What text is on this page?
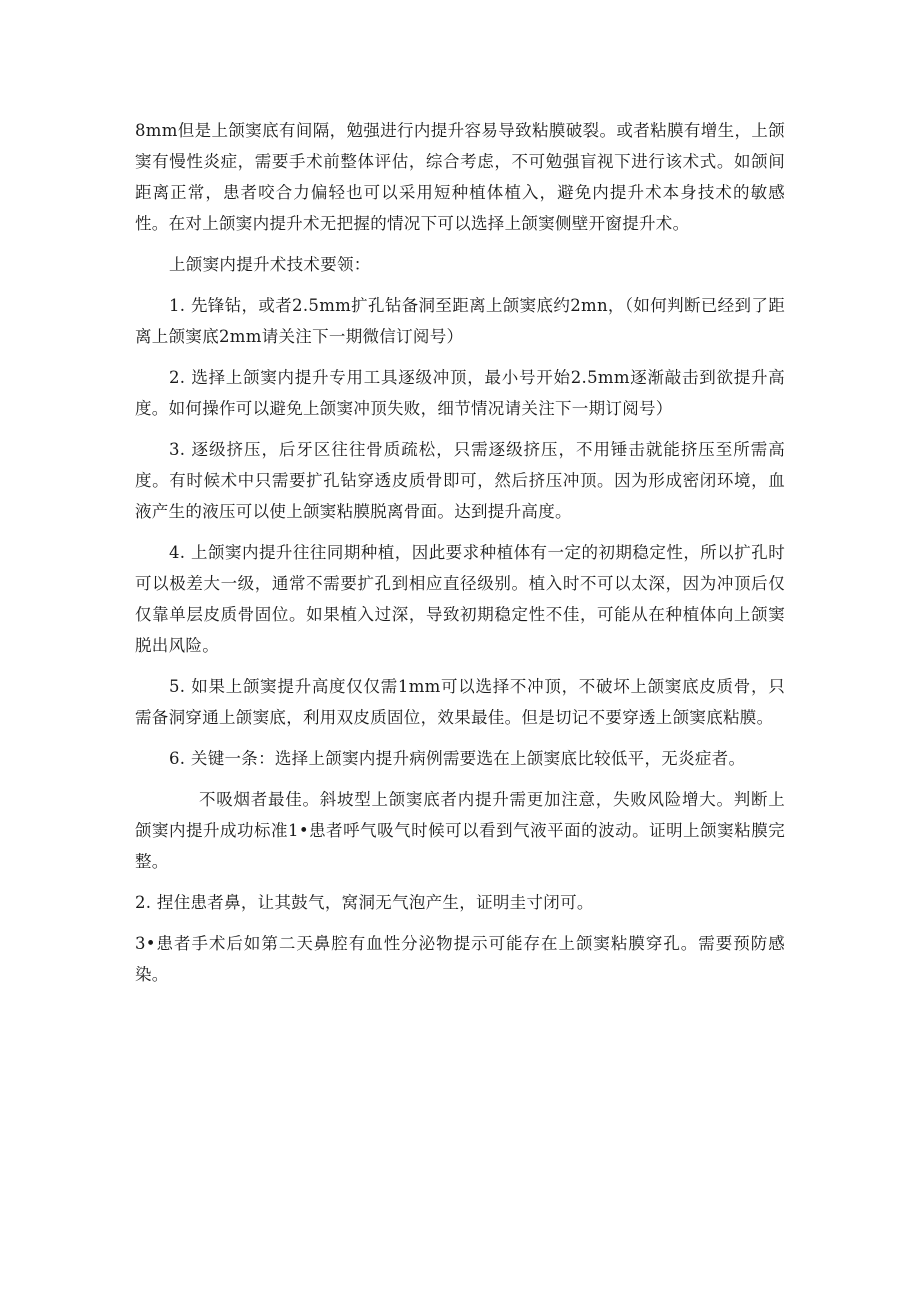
8mm但是上颌窦底有间隔，勉强进行内提升容易导致粘膜破裂。或者粘膜有增生，上颌窦有慢性炎症，需要手术前整体评估，综合考虑，不可勉强盲视下进行该术式。如颌间距离正常，患者咬合力偏轻也可以采用短种植体植入，避免内提升术本身技术的敏感性。在对上颌窦内提升术无把握的情况下可以选择上颌窦侧壁开窗提升术。

上颌窦内提升术技术要领：

1. 先锋钻，或者2.5mm扩孔钻备洞至距离上颌窦底约2mn，（如何判断已经到了距离上颌窦底2mm请关注下一期微信订阅号）

2. 选择上颌窦内提升专用工具逐级冲顶，最小号开始2.5mm逐渐敲击到欲提升高度。如何操作可以避免上颌窦冲顶失败，细节情况请关注下一期订阅号）

3. 逐级挤压，后牙区往往骨质疏松，只需逐级挤压，不用锤击就能挤压至所需高度。有时候术中只需要扩孔钻穿透皮质骨即可，然后挤压冲顶。因为形成密闭环境，血液产生的液压可以使上颌窦粘膜脱离骨面。达到提升高度。

4. 上颌窦内提升往往同期种植，因此要求种植体有一定的初期稳定性，所以扩孔时可以极差大一级，通常不需要扩孔到相应直径级别。植入时不可以太深，因为冲顶后仅仅靠单层皮质骨固位。如果植入过深，导致初期稳定性不佳，可能从在种植体向上颌窦脱出风险。

5. 如果上颌窦提升高度仅仅需1mm可以选择不冲顶，不破坏上颌窦底皮质骨，只需备洞穿通上颌窦底，利用双皮质固位，效果最佳。但是切记不要穿透上颌窦底粘膜。

6. 关键一条：选择上颌窦内提升病例需要选在上颌窦底比较低平，无炎症者。

不吸烟者最佳。斜坡型上颌窦底者内提升需更加注意，失败风险增大。判断上颌窦内提升成功标准1•患者呼气吸气时候可以看到气液平面的波动。证明上颌窦粘膜完整。

2. 捏住患者鼻，让其鼓气，窝洞无气泡产生，证明圭寸闭可。

3•患者手术后如第二天鼻腔有血性分泌物提示可能存在上颌窦粘膜穿孔。需要预防感染。
